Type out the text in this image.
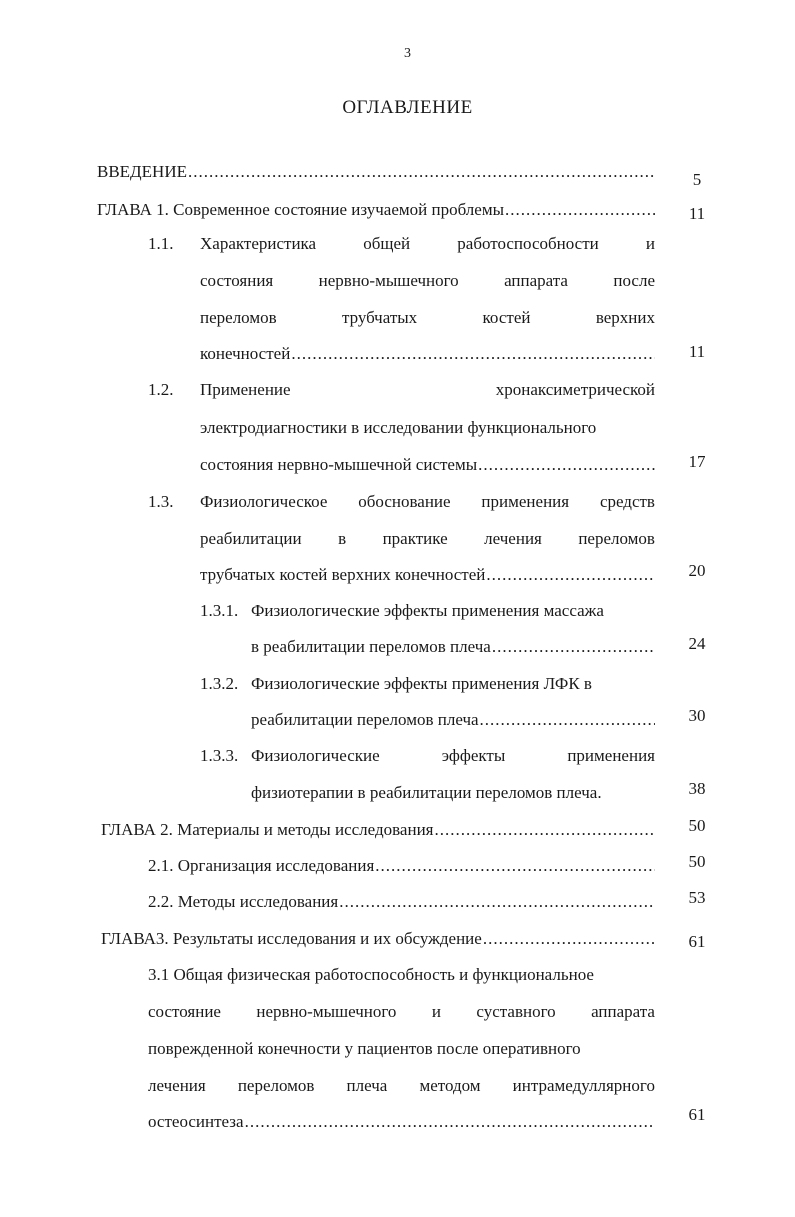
3
ОГЛАВЛЕНИЕ
ВВЕДЕНИЕ .....	5
ГЛАВА 1. Современное состояние изучаемой проблемы .....	11
1.1. Характеристика	общей	работоспособности	и
состояния	нервно-мышечного	аппарата	после
переломов	трубчатых	костей	верхних
конечностей .....	11
1.2. Применение	хронаксиметрической
электродиагностики в исследовании функционального
состояния нервно-мышечной системы .....	17
1.3. Физиологическое обоснование применения средств
реабилитации в практике лечения переломов
трубчатых костей верхних конечностей .....	20
1.3.1. Физиологические эффекты применения массажа
в реабилитации переломов плеча .....	24
1.3.2. Физиологические эффекты применения ЛФК в
реабилитации переломов плеча .....	30
1.3.3. Физиологические	эффекты	применения
физиотерапии в реабилитации переломов плеча.	38
ГЛАВА 2. Материалы и методы исследования .....	50
2.1. Организация исследования .....	50
2.2. Методы исследования .....	53
ГЛАВА3. Результаты исследования и их обсуждение .....	61
3.1 Общая физическая работоспособность и функциональное
состояние нервно-мышечного и суставного аппарата
поврежденной конечности у пациентов после оперативного
лечения переломов плеча методом интрамедуллярного
остеосинтеза .....	61
